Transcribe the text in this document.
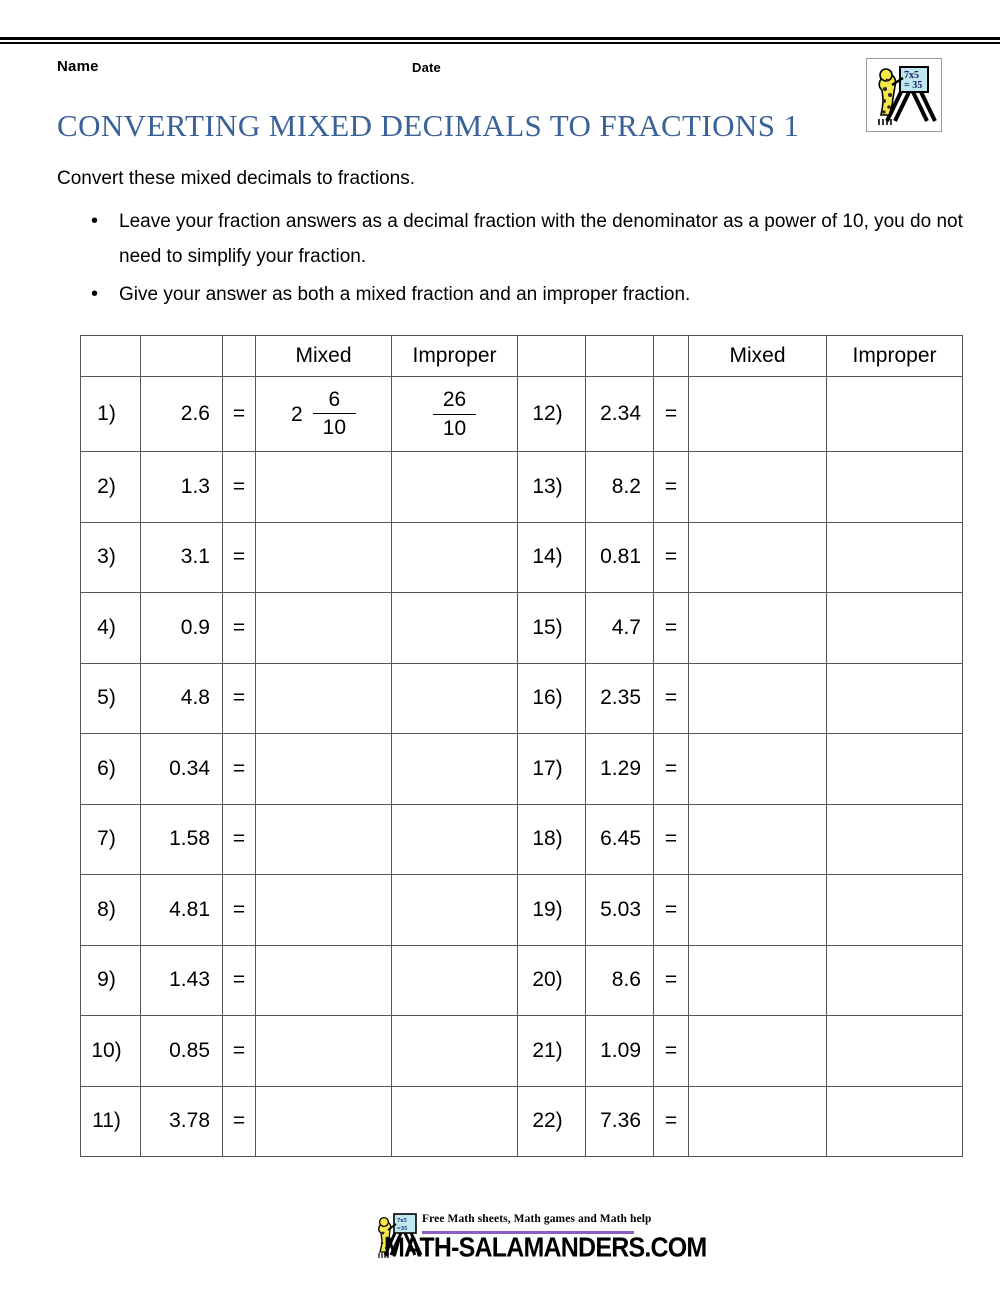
Name	Date
7x5
= 35
CONVERTING MIXED DECIMALS TO FRACTIONS 1
Convert these mixed decimals to fractions.
• Leave your fraction answers as a decimal fraction with the denominator as a power of 10, you do not need to simplify your fraction.
• Give your answer as both a mixed fraction and an improper fraction.
			Mixed	Improper				Mixed	Improper
1)	2.6	=	$2 \frac{6}{10}$	$\frac{26}{10}$	12)	2.34	=		
2)	1.3	=			13)	8.2	=		
3)	3.1	=			14)	0.81	=		
4)	0.9	=			15)	4.7	=		
5)	4.8	=			16)	2.35	=		
6)	0.34	=			17)	1.29	=		
7)	1.58	=			18)	6.45	=		
8)	4.81	=			19)	5.03	=		
9)	1.43	=			20)	8.6	=		
10)	0.85	=			21)	1.09	=		
11)	3.78	=			22)	7.36	=		
7x5
=35
Free Math sheets, Math games and Math help
MATH-SALAMANDERS.COM
